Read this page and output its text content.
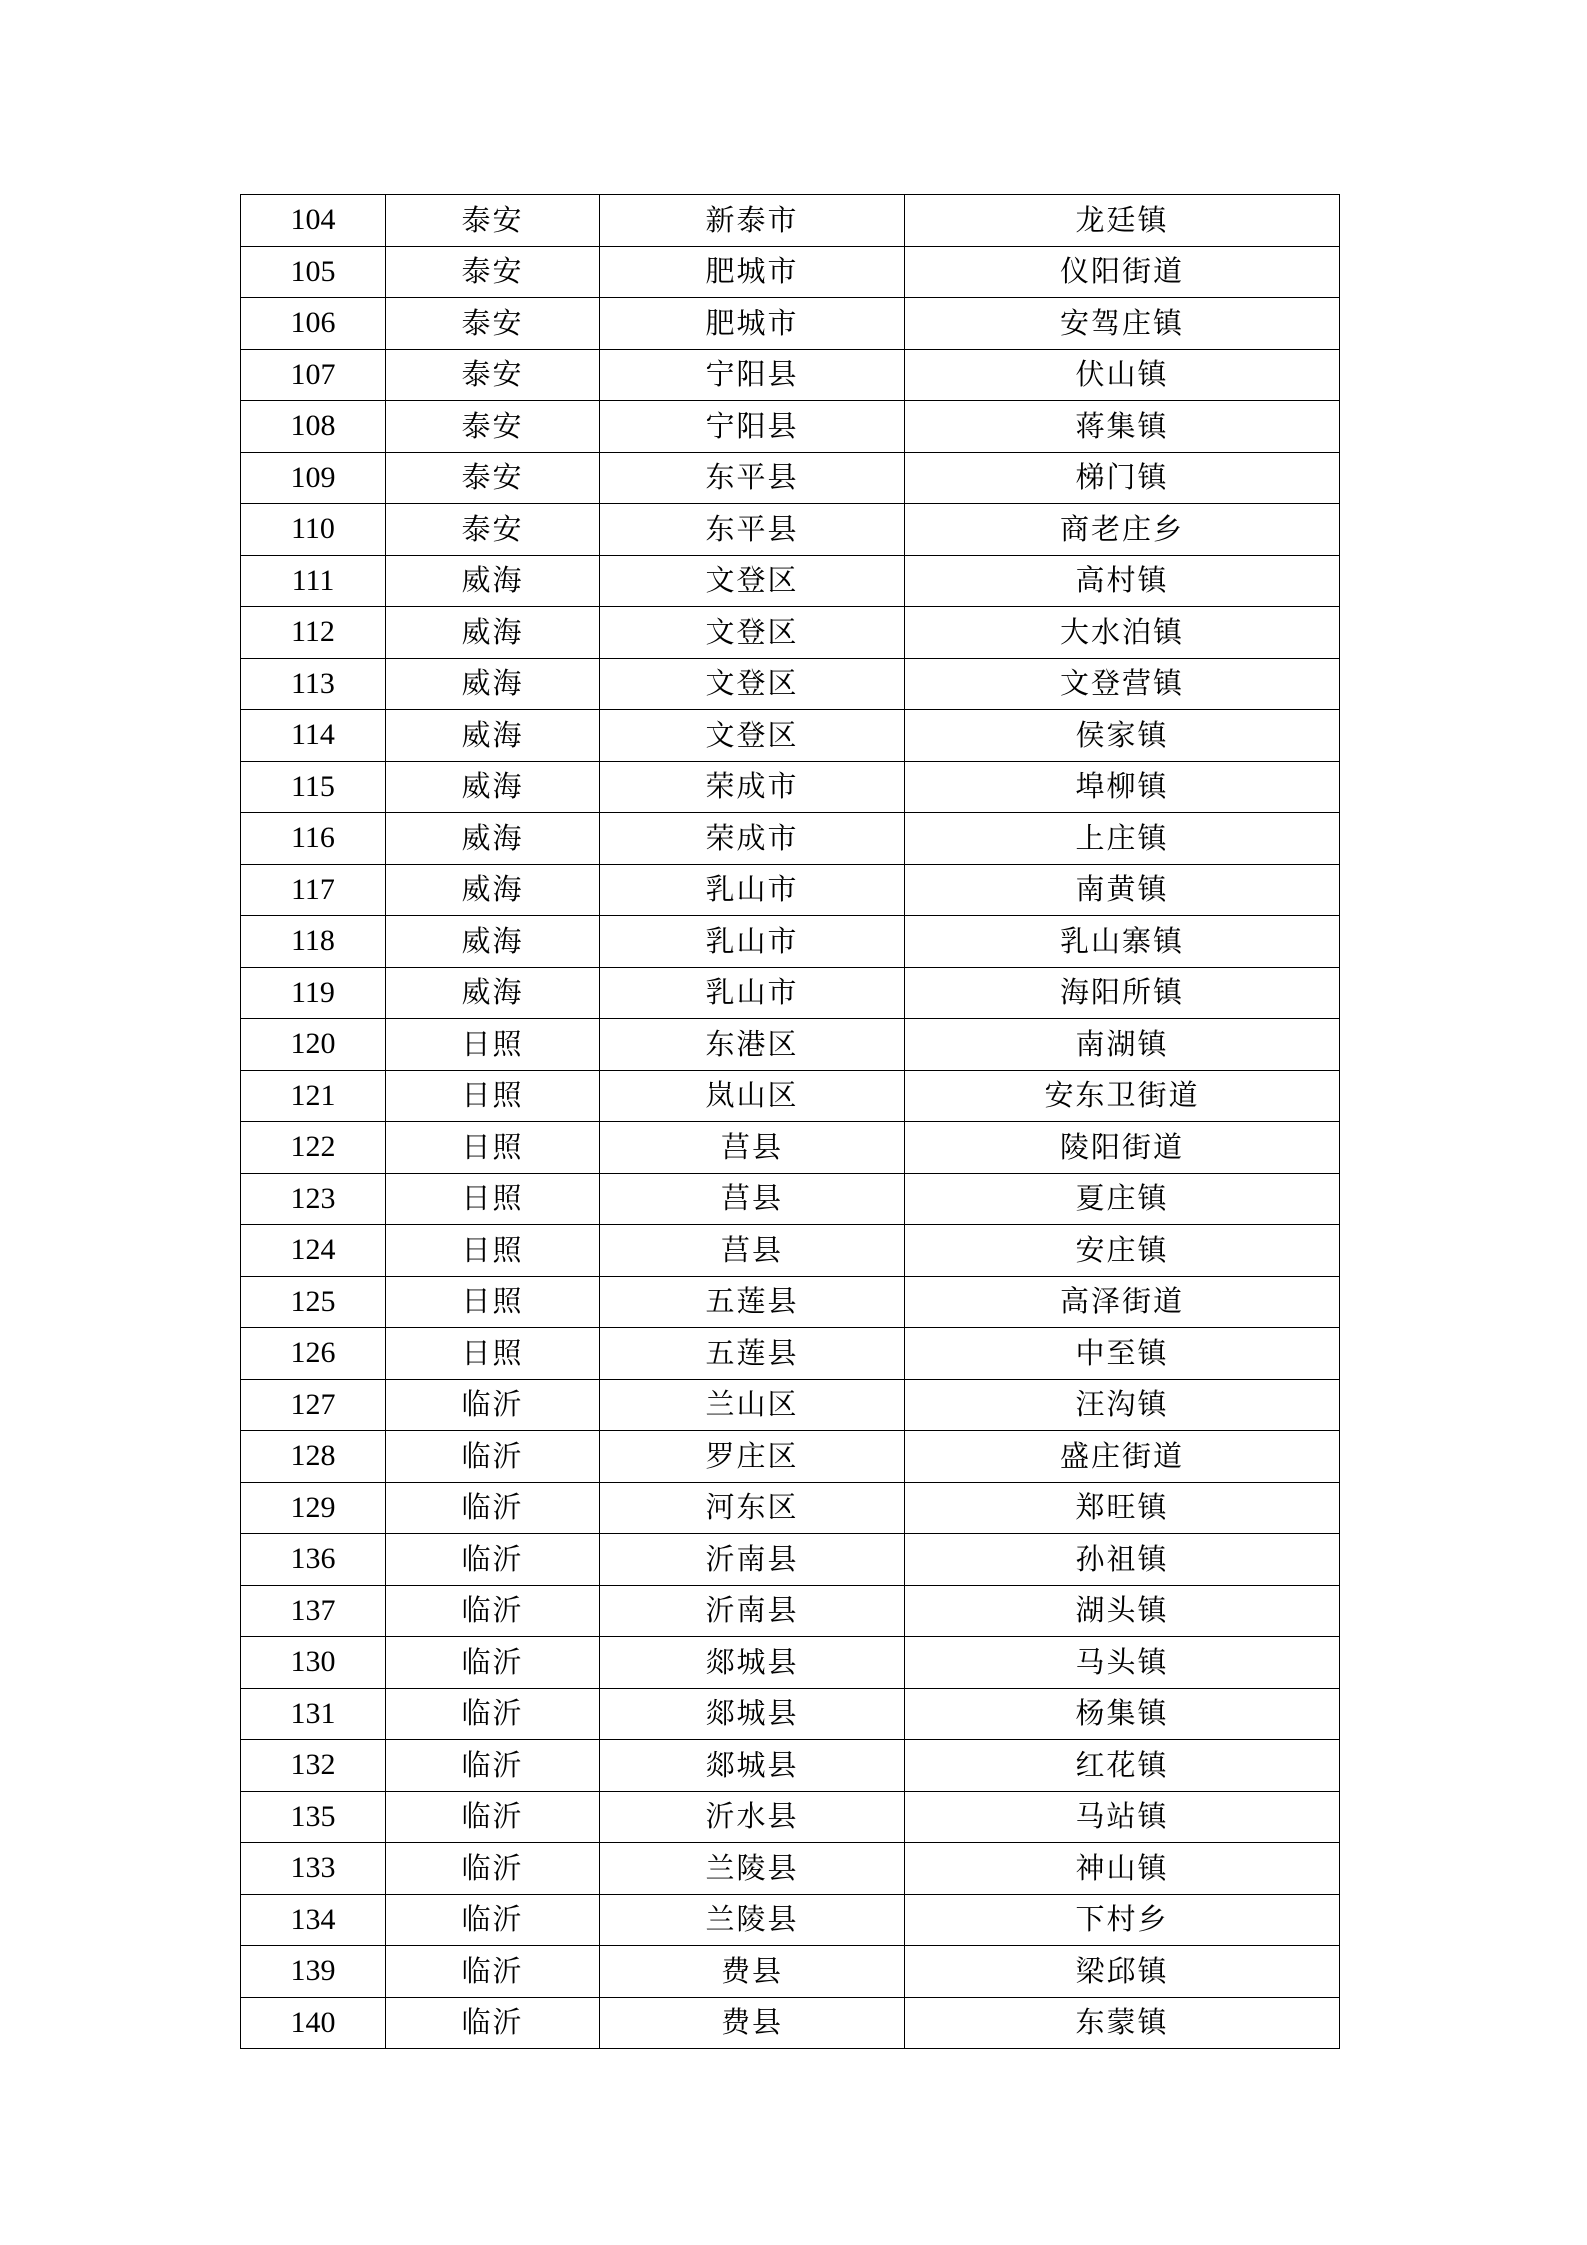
104	泰安	新泰市	龙廷镇
105	泰安	肥城市	仪阳街道
106	泰安	肥城市	安驾庄镇
107	泰安	宁阳县	伏山镇
108	泰安	宁阳县	蒋集镇
109	泰安	东平县	梯门镇
110	泰安	东平县	商老庄乡
111	威海	文登区	高村镇
112	威海	文登区	大水泊镇
113	威海	文登区	文登营镇
114	威海	文登区	侯家镇
115	威海	荣成市	埠柳镇
116	威海	荣成市	上庄镇
117	威海	乳山市	南黄镇
118	威海	乳山市	乳山寨镇
119	威海	乳山市	海阳所镇
120	日照	东港区	南湖镇
121	日照	岚山区	安东卫街道
122	日照	莒县	陵阳街道
123	日照	莒县	夏庄镇
124	日照	莒县	安庄镇
125	日照	五莲县	高泽街道
126	日照	五莲县	中至镇
127	临沂	兰山区	汪沟镇
128	临沂	罗庄区	盛庄街道
129	临沂	河东区	郑旺镇
136	临沂	沂南县	孙祖镇
137	临沂	沂南县	湖头镇
130	临沂	郯城县	马头镇
131	临沂	郯城县	杨集镇
132	临沂	郯城县	红花镇
135	临沂	沂水县	马站镇
133	临沂	兰陵县	神山镇
134	临沂	兰陵县	下村乡
139	临沂	费县	梁邱镇
140	临沂	费县	东蒙镇
